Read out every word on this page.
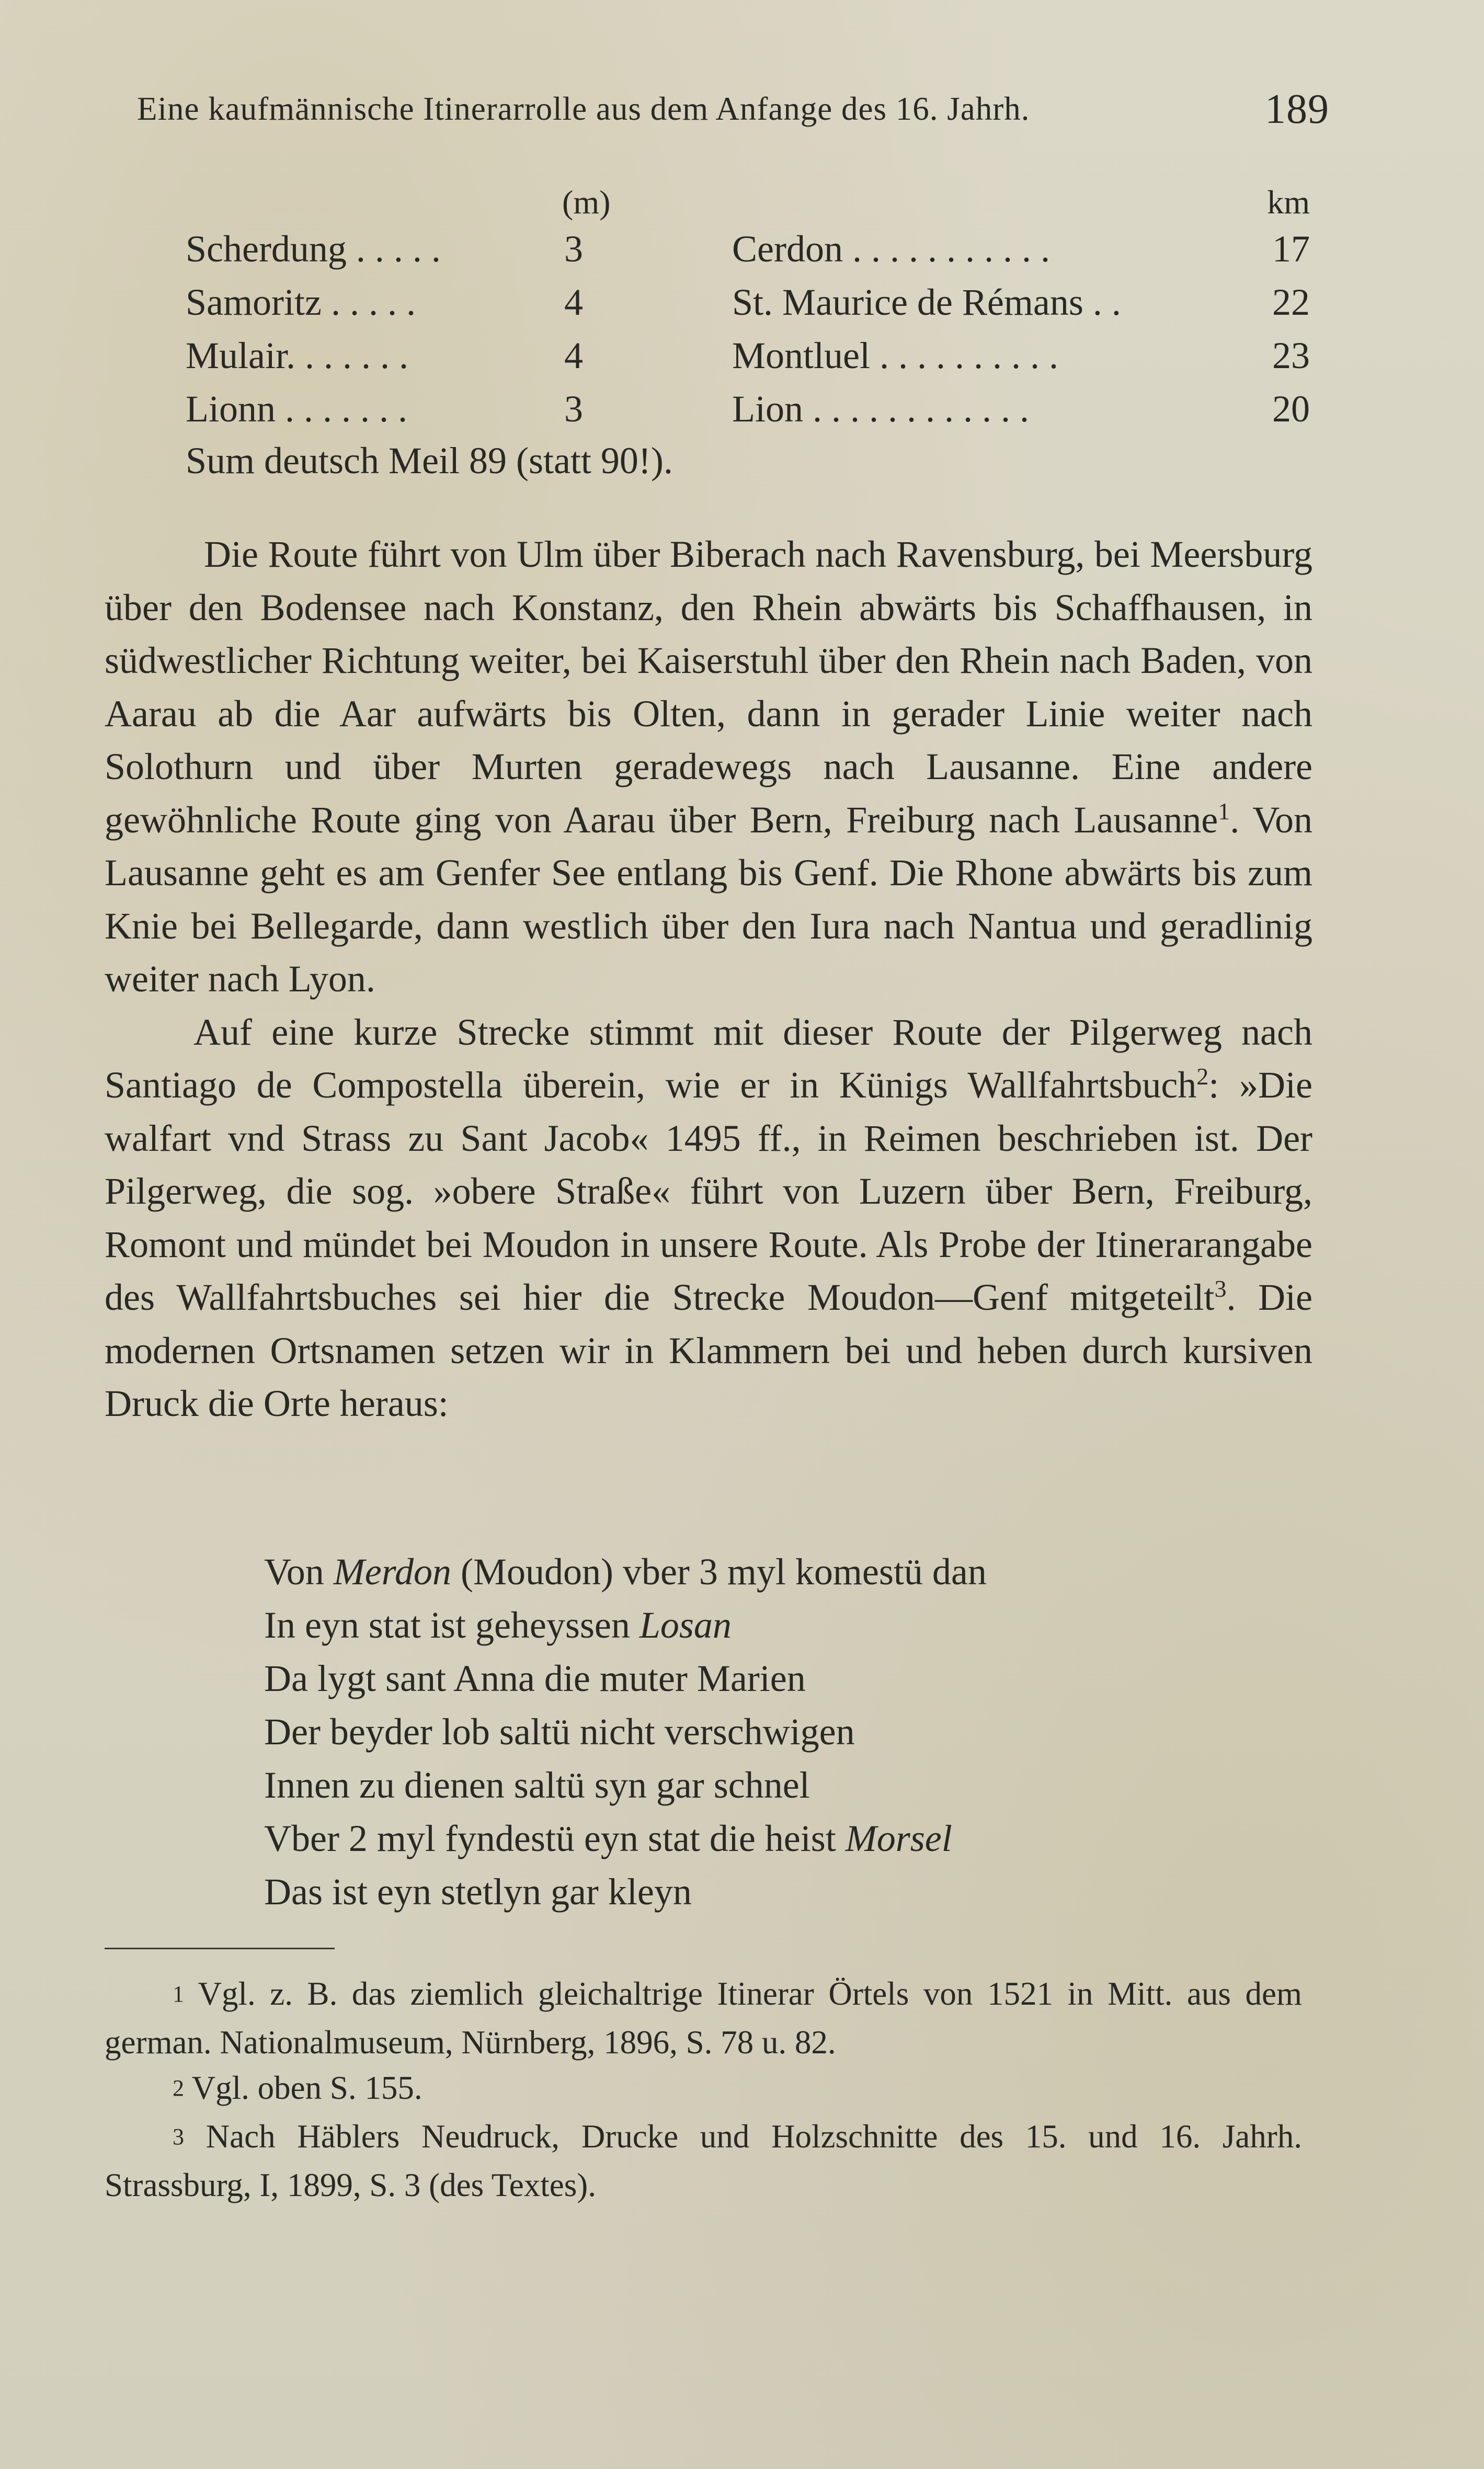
Eine kaufmännische Itinerarrolle aus dem Anfange des 16. Jahrh.	189
(m)	km
Scherdung . . . . .	3	Cerdon . . . . . . . . . . .	17
Samoritz . . . . .	4	St. Maurice de Rémans . .	22
Mulair. . . . . . .	4	Montluel . . . . . . . . . .	23
Lionn . . . . . . .	3	Lion . . . . . . . . . . . .	20
Sum deutsch Meil 89 (statt 90!).

Die Route führt von Ulm über Biberach nach Ravensburg, bei Meersburg über den Bodensee nach Konstanz, den Rhein abwärts bis Schaffhausen, in südwestlicher Richtung weiter, bei Kaiserstuhl über den Rhein nach Baden, von Aarau ab die Aar aufwärts bis Olten, dann in gerader Linie weiter nach Solothurn und über Murten geradewegs nach Lausanne. Eine andere gewöhnliche Route ging von Aarau über Bern, Freiburg nach Lausanne$^1$. Von Lausanne geht es am Genfer See entlang bis Genf. Die Rhone abwärts bis zum Knie bei Bellegarde, dann westlich über den Iura nach Nantua und geradlinig weiter nach Lyon.

Auf eine kurze Strecke stimmt mit dieser Route der Pilgerweg nach Santiago de Compostella überein, wie er in Künigs Wallfahrtsbuch$^2$: »Die walfart vnd Strass zu Sant Jacob« 1495 ff., in Reimen beschrieben ist. Der Pilgerweg, die sog. »obere Straße« führt von Luzern über Bern, Freiburg, Romont und mündet bei Moudon in unsere Route. Als Probe der Itinerarangabe des Wallfahrtsbuches sei hier die Strecke Moudon—Genf mitgeteilt$^3$. Die modernen Ortsnamen setzen wir in Klammern bei und heben durch kursiven Druck die Orte heraus:

Von Merdon (Moudon) vber 3 myl komestü dan
In eyn stat ist geheyssen Losan
Da lygt sant Anna die muter Marien
Der beyder lob saltü nicht verschwigen
Innen zu dienen saltü syn gar schnel
Vber 2 myl fyndestü eyn stat die heist Morsel
Das ist eyn stetlyn gar kleyn

$^1$ Vgl. z. B. das ziemlich gleichaltrige Itinerar Örtels von 1521 in Mitt. aus dem german. Nationalmuseum, Nürnberg, 1896, S. 78 u. 82.

$^2$ Vgl. oben S. 155.

$^3$ Nach Häblers Neudruck, Drucke und Holzschnitte des 15. und 16. Jahrh. Strassburg, I, 1899, S. 3 (des Textes).
